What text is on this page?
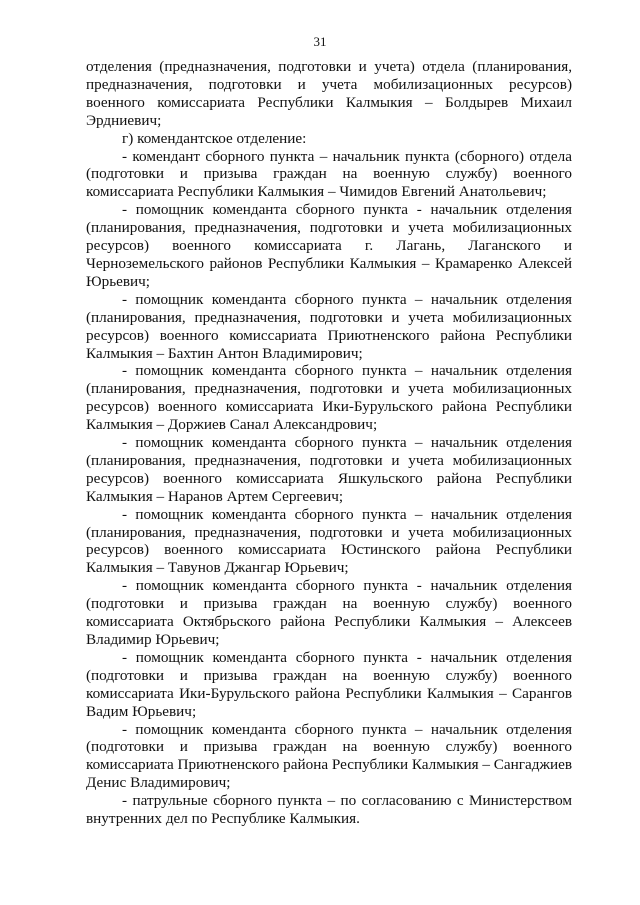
31

отделения (предназначения, подготовки и учета) отдела (планирования, предназначения, подготовки и учета мобилизационных ресурсов) военного комиссариата Республики Калмыкия – Болдырев Михаил Эрдниевич;

г) комендантское отделение:

- комендант сборного пункта – начальник пункта (сборного) отдела (подготовки и призыва граждан на военную службу) военного комиссариата Республики Калмыкия – Чимидов Евгений Анатольевич;

- помощник коменданта сборного пункта - начальник отделения (планирования, предназначения, подготовки и учета мобилизационных ресурсов) военного комиссариата г. Лагань, Лаганского и Черноземельского районов Республики Калмыкия – Крамаренко Алексей Юрьевич;

- помощник коменданта сборного пункта – начальник отделения (планирования, предназначения, подготовки и учета мобилизационных ресурсов) военного комиссариата Приютненского района Республики Калмыкия – Бахтин Антон Владимирович;

- помощник коменданта сборного пункта – начальник отделения (планирования, предназначения, подготовки и учета мобилизационных ресурсов) военного комиссариата Ики-Бурульского района Республики Калмыкия – Доржиев Санал Александрович;

- помощник коменданта сборного пункта – начальник отделения (планирования, предназначения, подготовки и учета мобилизационных ресурсов) военного комиссариата Яшкульского района Республики Калмыкия – Наранов Артем Сергеевич;

- помощник коменданта сборного пункта – начальник отделения (планирования, предназначения, подготовки и учета мобилизационных ресурсов) военного комиссариата Юстинского района Республики Калмыкия – Тавунов Джангар Юрьевич;

- помощник коменданта сборного пункта - начальник отделения (подготовки и призыва граждан на военную службу) военного комиссариата Октябрьского района Республики Калмыкия – Алексеев Владимир Юрьевич;

- помощник коменданта сборного пункта - начальник отделения (подготовки и призыва граждан на военную службу) военного комиссариата Ики-Бурульского района Республики Калмыкия – Сарангов Вадим Юрьевич;

- помощник коменданта сборного пункта – начальник отделения (подготовки и призыва граждан на военную службу) военного комиссариата Приютненского района Республики Калмыкия – Сангаджиев Денис Владимирович;

- патрульные сборного пункта – по согласованию с Министерством внутренних дел по Республике Калмыкия.
